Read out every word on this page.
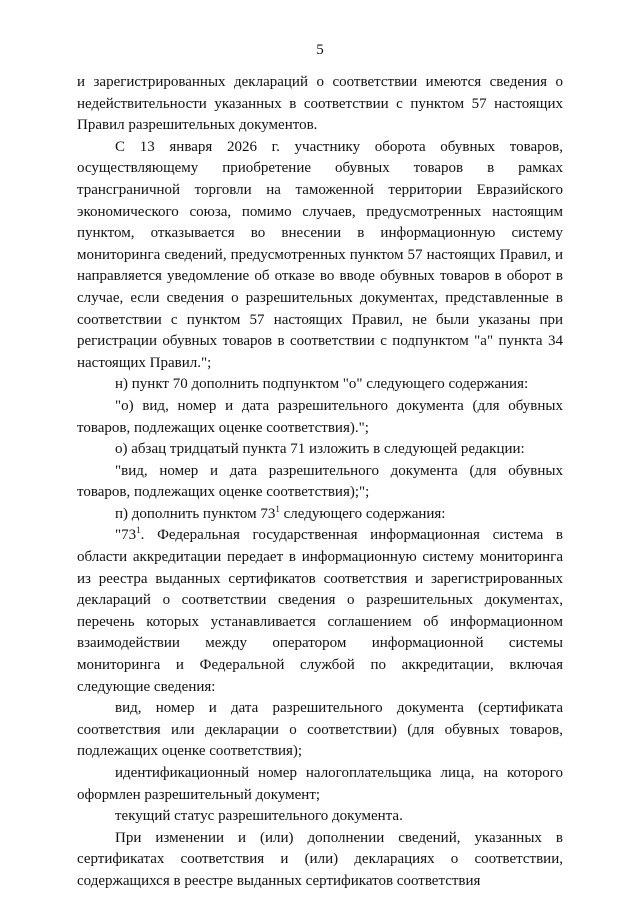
5

и зарегистрированных деклараций о соответствии имеются сведения о недействительности указанных в соответствии с пунктом 57 настоящих Правил разрешительных документов.

С 13 января 2026 г. участнику оборота обувных товаров, осуществляющему приобретение обувных товаров в рамках трансграничной торговли на таможенной территории Евразийского экономического союза, помимо случаев, предусмотренных настоящим пунктом, отказывается во внесении в информационную систему мониторинга сведений, предусмотренных пунктом 57 настоящих Правил, и направляется уведомление об отказе во вводе обувных товаров в оборот в случае, если сведения о разрешительных документах, представленные в соответствии с пунктом 57 настоящих Правил, не были указаны при регистрации обувных товаров в соответствии с подпунктом "а" пункта 34 настоящих Правил.";

н) пункт 70 дополнить подпунктом "о" следующего содержания:

"о) вид, номер и дата разрешительного документа (для обувных товаров, подлежащих оценке соответствия).";

о) абзац тридцатый пункта 71 изложить в следующей редакции:

"вид, номер и дата разрешительного документа (для обувных товаров, подлежащих оценке соответствия);";

п) дополнить пунктом $73^1$ следующего содержания:

"$73^1$. Федеральная государственная информационная система в области аккредитации передает в информационную систему мониторинга из реестра выданных сертификатов соответствия и зарегистрированных деклараций о соответствии сведения о разрешительных документах, перечень которых устанавливается соглашением об информационном взаимодействии между оператором информационной системы мониторинга и Федеральной службой по аккредитации, включая следующие сведения:

вид, номер и дата разрешительного документа (сертификата соответствия или декларации о соответствии) (для обувных товаров, подлежащих оценке соответствия);

идентификационный номер налогоплательщика лица, на которого оформлен разрешительный документ;

текущий статус разрешительного документа.

При изменении и (или) дополнении сведений, указанных в сертификатах соответствия и (или) декларациях о соответствии, содержащихся в реестре выданных сертификатов соответствия
